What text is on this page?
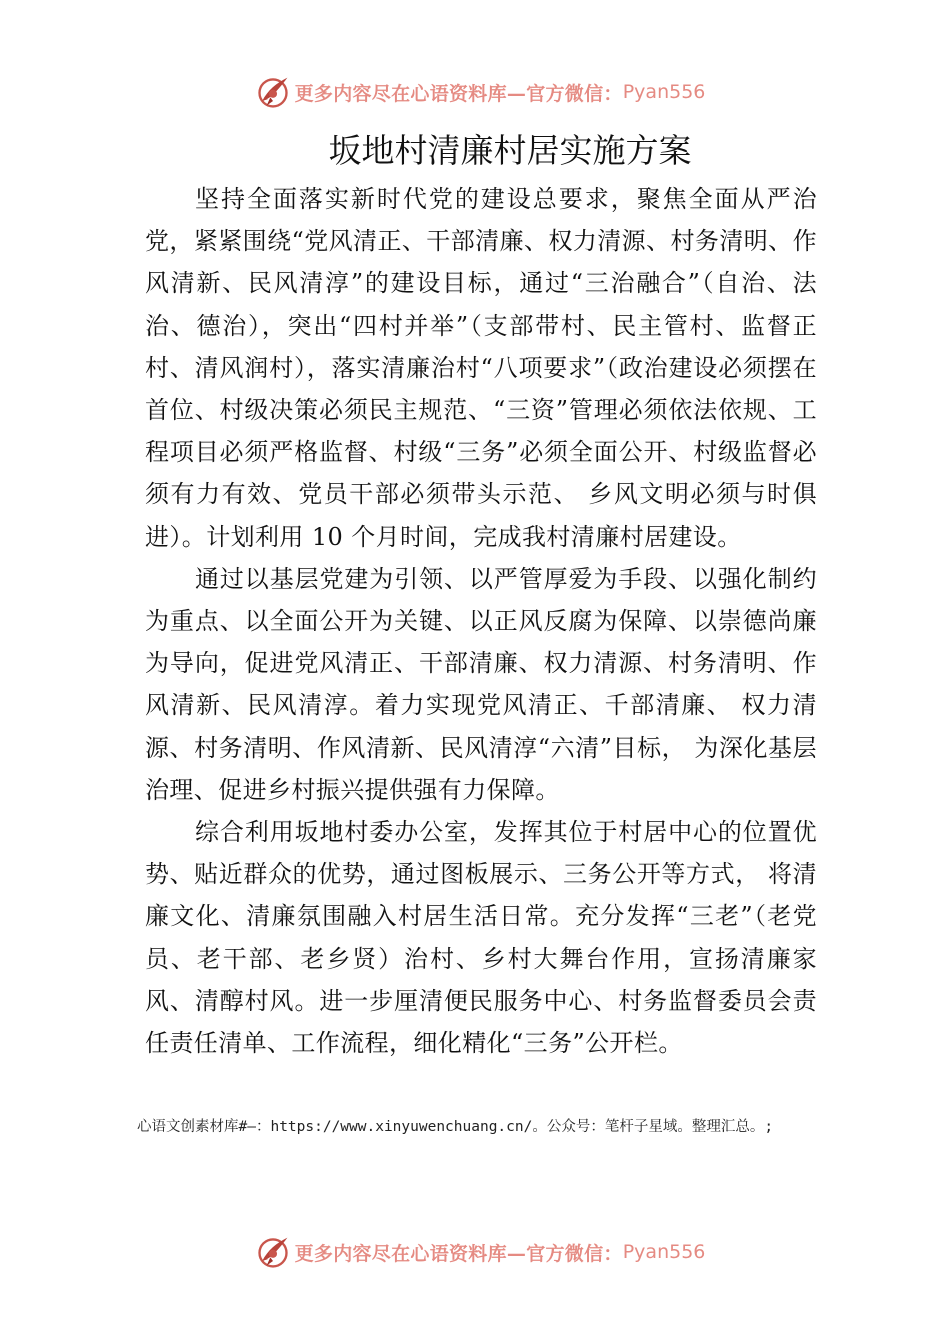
更多内容尽在心语资料库—官方微信： Pyan556
坂地村清廉村居实施方案

坚持全面落实新时代党的建设总要求，聚焦全面从严治党，紧紧围绕“党风清正、干部清廉、权力清源、村务清明、作风清新、民风清淳”的建设目标，通过“三治融合”（自治、法治、德治），突出“四村并举”（支部带村、民主管村、监督正村、清风润村），落实清廉治村“八项要求”（政治建设必须摆在首位、村级决策必须民主规范、“三资”管理必须依法依规、工程项目必须严格监督、村级“三务”必须全面公开、村级监督必须有力有效、党员干部必须带头示范、 乡风文明必须与时俱进）。计划利用 10 个月时间，完成我村清廉村居建设。

通过以基层党建为引领、以严管厚爱为手段、以强化制约为重点、以全面公开为关键、以正风反腐为保障、以崇德尚廉为导向，促进党风清正、干部清廉、权力清源、村务清明、作风清新、民风清淳。着力实现党风清正、千部清廉、 权力清源、村务清明、作风清新、民风清淳“六清”目标， 为深化基层治理、促进乡村振兴提供强有力保障。

综合利用坂地村委办公室，发挥其位于村居中心的位置优势、贴近群众的优势，通过图板展示、三务公开等方式， 将清廉文化、清廉氛围融入村居生活日常。充分发挥“三老”（老党员、老干部、老乡贤）治村、乡村大舞台作用，宣扬清廉家风、清醇村风。进一步厘清便民服务中心、村务监督委员会责任责任清单、工作流程，细化精化“三务”公开栏。

心语文创素材库#—：https://www.xinyuwenchuang.cn/。公众号：笔杆子星域。整理汇总。;

更多内容尽在心语资料库—官方微信： Pyan556
